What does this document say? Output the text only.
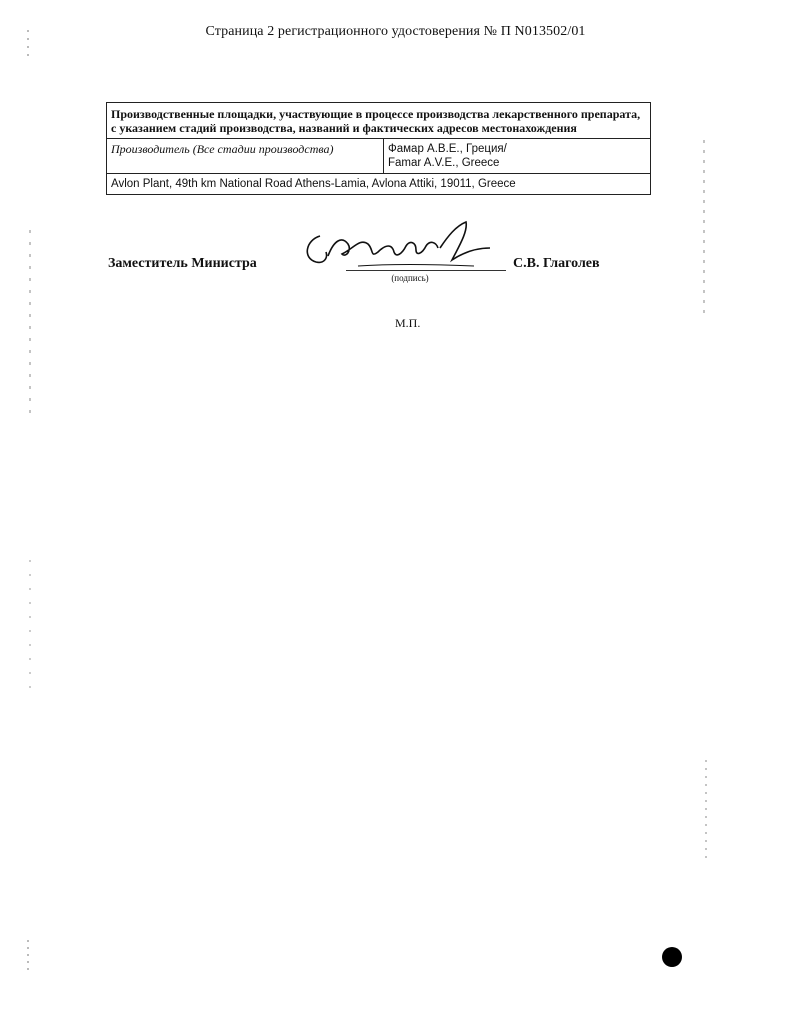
Страница 2 регистрационного удостоверения № П N013502/01
Производственные площадки, участвующие в процессе производства лекарственного препарата, с указанием стадий производства, названий и фактических адресов местонахождения
Производитель (Все стадии производства)	Фамар А.В.Е., Греция/
Famar A.V.E., Greece

Avlon Plant, 49th km National Road Athens-Lamia, Avlona Attiki, 19011, Greece
Заместитель Министра
(подпись)
С.В. Глаголев
М.П.
